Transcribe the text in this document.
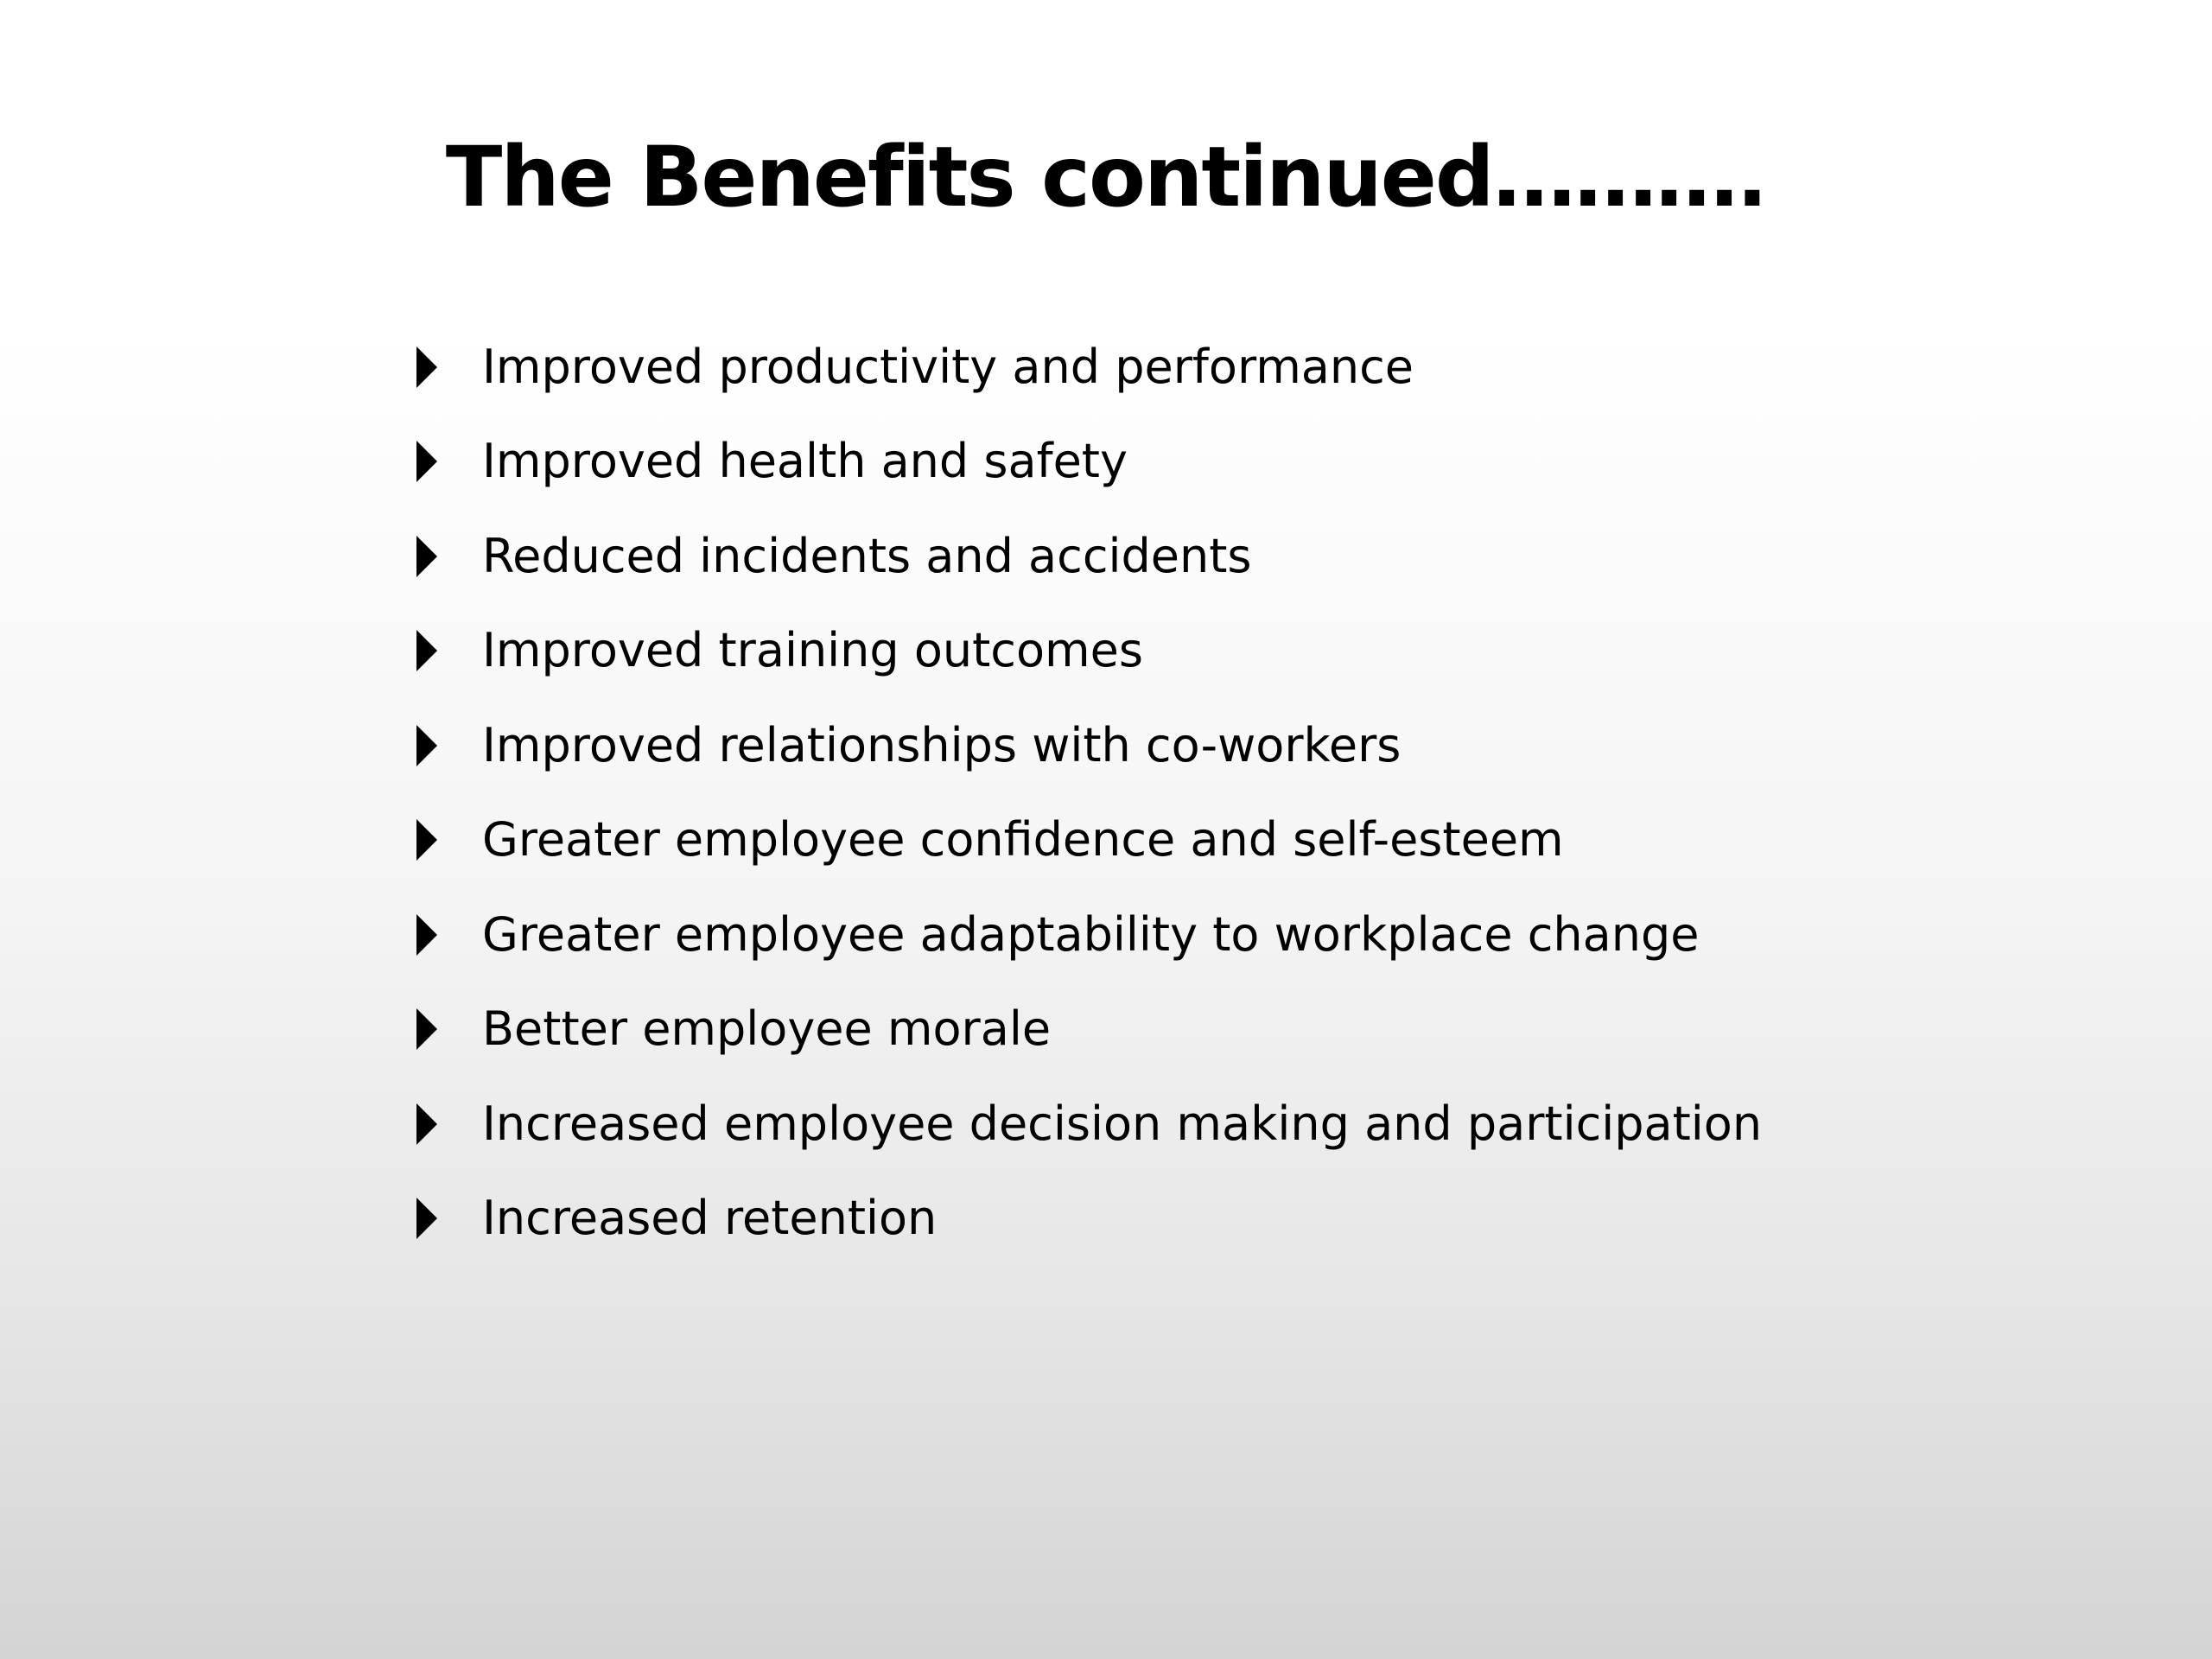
The Benefits continued……….
Improved productivity and performance
Improved health and safety
Reduced incidents and accidents
Improved training outcomes
Improved relationships with co-workers
Greater employee confidence and self-esteem
Greater employee adaptability to workplace change
Better employee morale
Increased employee decision making and participation
Increased retention
